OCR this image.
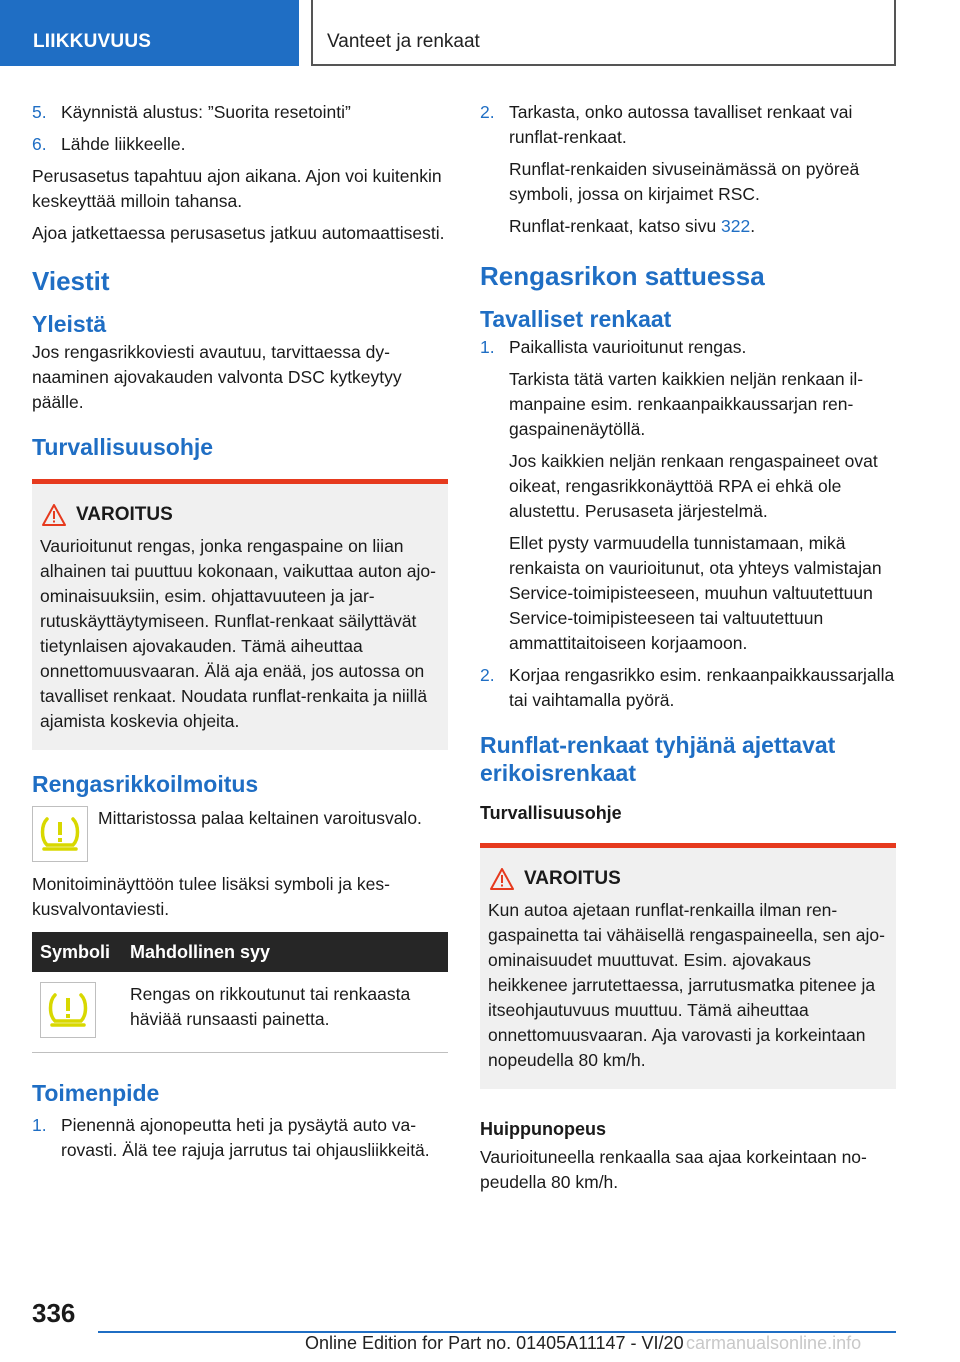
LIIKKUVUUS	Vanteet ja renkaat
5. Käynnistä alustus: ”Suorita resetointi”
6. Lähde liikkeelle.

Perusasetus tapahtuu ajon aikana. Ajon voi kuitenkin keskeyttää milloin tahansa.

Ajoa jatkettaessa perusasetus jatkuu automaattisesti.

Viestit
Yleistä

Jos rengasrikkoviesti avautuu, tarvittaessa dynaaminen ajovakauden valvonta DSC kytkeytyy päälle.

Turvallisuusohje
VAROITUS
Vaurioitunut rengas, jonka rengaspaine on liian alhainen tai puuttuu kokonaan, vaikuttaa auton ajo-ominaisuuksiin, esim. ohjattavuuteen ja jarrutuskäyttäytymiseen. Runflat-renkaat säilyttävät tietynlaisen ajovakauden. Tämä aiheuttaa onnettomuusvaaran. Älä aja enää, jos autossa on tavalliset renkaat. Noudata runflat-renkaita ja niillä ajamista koskevia ohjeita.
Rengasrikkoilmoitus
Mittaristossa palaa keltainen varoitusvalo.

Monitoiminäyttöön tulee lisäksi symboli ja keskusvalvontaviesti.

Symboli	Mahdollinen syy

	Rengas on rikkoutunut tai renkaasta häviää runsaasti painetta.
Toimenpide
1. Pienennä ajonopeutta heti ja pysäytä auto varovasti. Älä tee rajuja jarrutus tai ohjausliikkeitä.
2. Tarkasta, onko autossa tavalliset renkaat vai runflat-renkaat.
Runflat-renkaiden sivuseinämässä on pyöreä symboli, jossa on kirjaimet RSC.
Runflat-renkaat, katso sivu 322.
Rengasrikon sattuessa
Tavalliset renkaat
1. Paikallista vaurioitunut rengas.
Tarkista tätä varten kaikkien neljän renkaan ilmanpaine esim. renkaanpaikkaussarjan rengaspainenäytöllä.
Jos kaikkien neljän renkaan rengaspaineet ovat oikeat, rengasrikkonäyttöä RPA ei ehkä ole alustettu. Perusaseta järjestelmä.
Ellet pysty varmuudella tunnistamaan, mikä renkaista on vaurioitunut, ota yhteys valmistajan Service-toimipisteeseen, muuhun valtuutettuun Service-toimipisteeseen tai valtuutettuun ammattitaitoiseen korjaamoon.
2. Korjaa rengasrikko esim. renkaanpaikkaussarjalla tai vaihtamalla pyörä.
Runflat-renkaat tyhjänä ajettavat erikoisrenkaat
Turvallisuusohje
VAROITUS
Kun autoa ajetaan runflat-renkailla ilman rengaspainetta tai vähäisellä rengaspaineella, sen ajo-ominaisuudet muuttuvat. Esim. ajovakaus heikkenee jarrutettaessa, jarrutusmatka pitenee ja itseohjautuvuus muuttuu. Tämä aiheuttaa onnettomuusvaaran. Aja varovasti ja korkeintaan nopeudella 80 km/h.
Huippunopeus

Vaurioituneella renkaalla saa ajaa korkeintaan nopeudella 80 km/h.

336
Online Edition for Part no. 01405A11147 - VI/20 carmanualsonline.info
